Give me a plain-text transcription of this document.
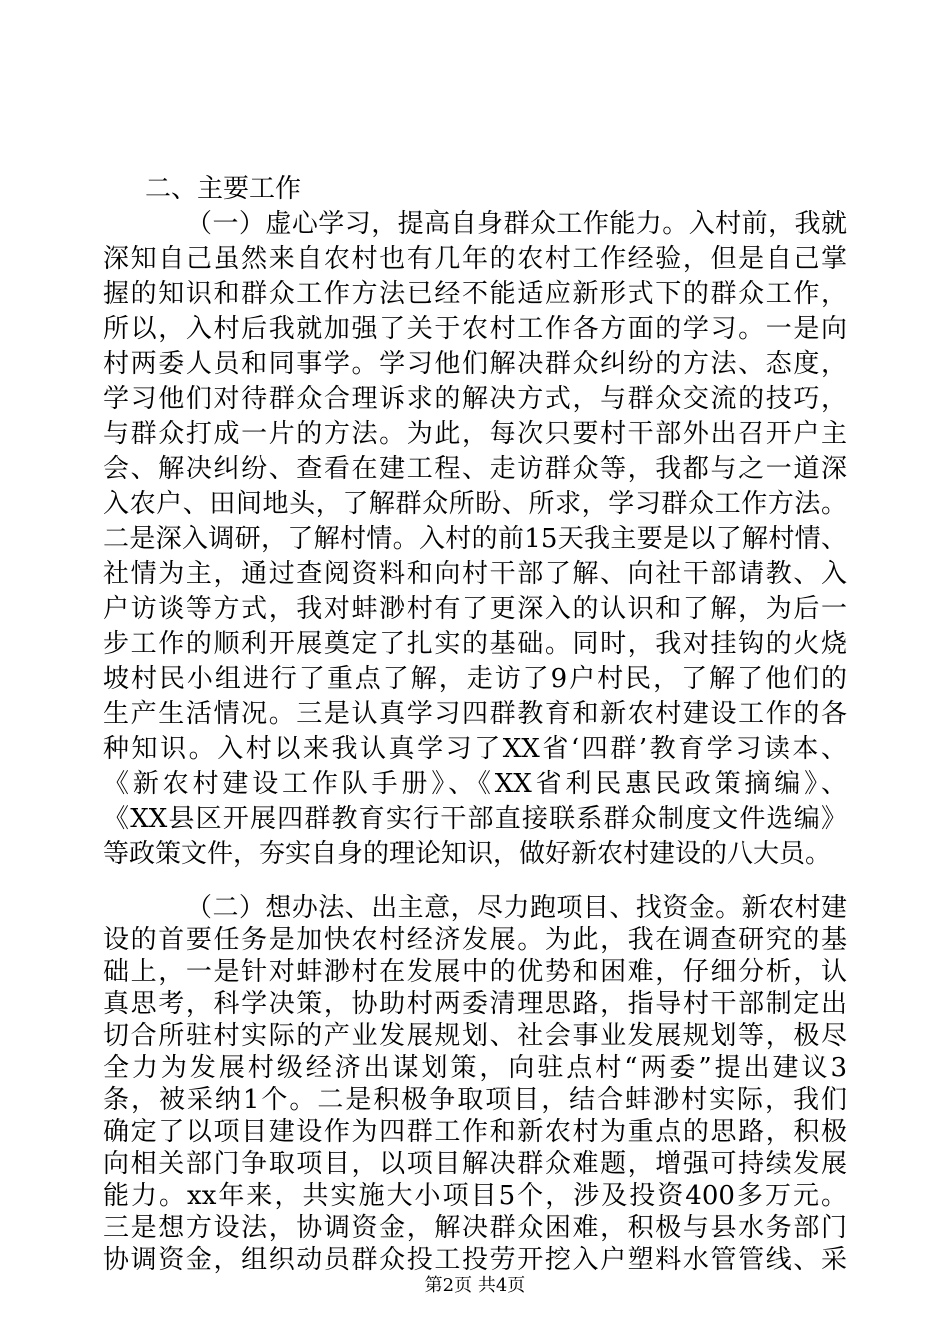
二、主要工作
（一）虚心学习，提高自身群众工作能力。入村前，我就
深知自己虽然来自农村也有几年的农村工作经验，但是自己掌
握的知识和群众工作方法已经不能适应新形式下的群众工作，
所以，入村后我就加强了关于农村工作各方面的学习。一是向
村两委人员和同事学。学习他们解决群众纠纷的方法、态度，
学习他们对待群众合理诉求的解决方式，与群众交流的技巧，
与群众打成一片的方法。为此，每次只要村干部外出召开户主
会、解决纠纷、查看在建工程、走访群众等，我都与之一道深
入农户、田间地头，了解群众所盼、所求，学习群众工作方法。
二是深入调研，了解村情。入村的前15天我主要是以了解村情、
社情为主，通过查阅资料和向村干部了解、向社干部请教、入
户访谈等方式，我对蚌渺村有了更深入的认识和了解，为后一
步工作的顺利开展奠定了扎实的基础。同时，我对挂钩的火烧
坡村民小组进行了重点了解，走访了9户村民，了解了他们的
生产生活情况。三是认真学习四群教育和新农村建设工作的各
种知识。入村以来我认真学习了XX省‘四群’教育学习读本、
《新农村建设工作队手册》、《XX省利民惠民政策摘编》、
《XX县区开展四群教育实行干部直接联系群众制度文件选编》
等政策文件，夯实自身的理论知识，做好新农村建设的八大员。
（二）想办法、出主意，尽力跑项目、找资金。新农村建
设的首要任务是加快农村经济发展。为此，我在调查研究的基
础上，一是针对蚌渺村在发展中的优势和困难，仔细分析，认
真思考，科学决策，协助村两委清理思路，指导村干部制定出
切合所驻村实际的产业发展规划、社会事业发展规划等，极尽
全力为发展村级经济出谋划策，向驻点村“两委”提出建议3
条，被采纳1个。二是积极争取项目，结合蚌渺村实际，我们
确定了以项目建设作为四群工作和新农村为重点的思路，积极
向相关部门争取项目，以项目解决群众难题，增强可持续发展
能力。xx年来，共实施大小项目5个，涉及投资400多万元。
三是想方设法，协调资金，解决群众困难，积极与县水务部门
协调资金，组织动员群众投工投劳开挖入户塑料水管管线、采
第2页 共4页
